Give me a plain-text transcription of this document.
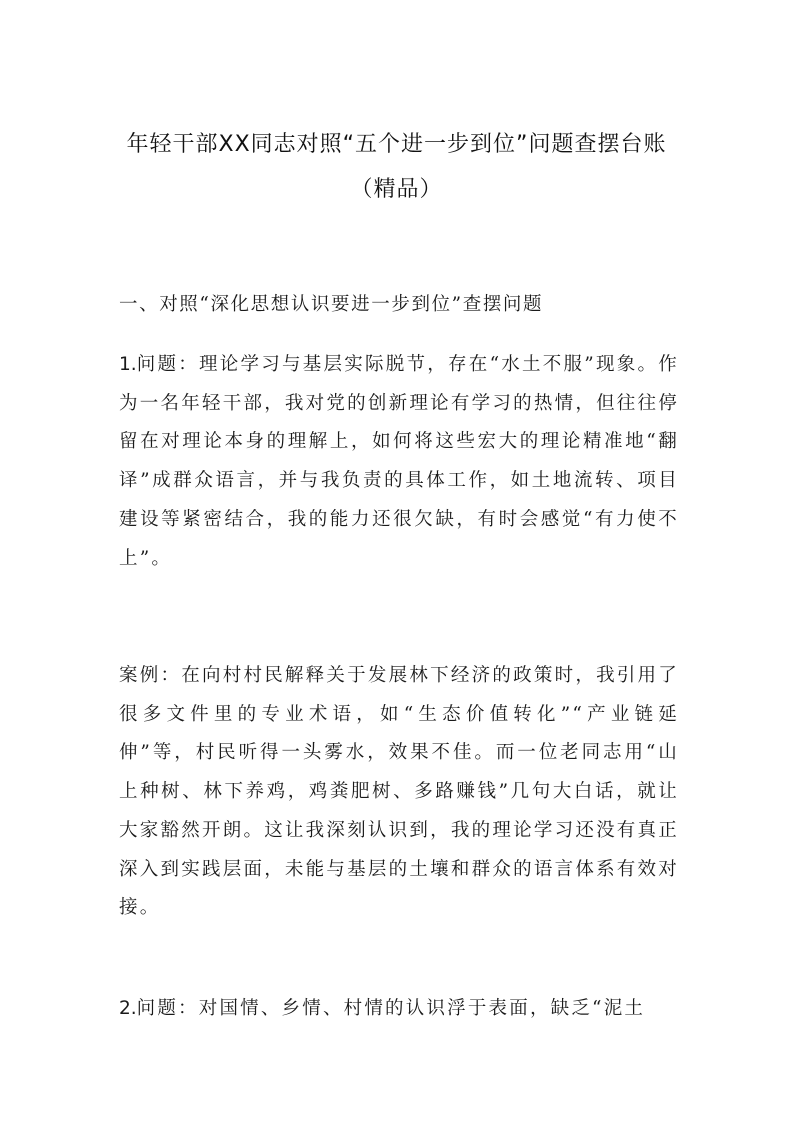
年轻干部XX同志对照“五个进一步到位”问题查摆台账（精品）

一、对照“深化思想认识要进一步到位”查摆问题

1.问题：理论学习与基层实际脱节，存在“水土不服”现象。作为一名年轻干部，我对党的创新理论有学习的热情，但往往停留在对理论本身的理解上，如何将这些宏大的理论精准地“翻译”成群众语言，并与我负责的具体工作，如土地流转、项目建设等紧密结合，我的能力还很欠缺，有时会感觉“有力使不上”。

案例：在向村村民解释关于发展林下经济的政策时，我引用了很多文件里的专业术语，如“生态价值转化”“产业链延伸”等，村民听得一头雾水，效果不佳。而一位老同志用“山上种树、林下养鸡，鸡粪肥树、多路赚钱”几句大白话，就让大家豁然开朗。这让我深刻认识到，我的理论学习还没有真正深入到实践层面，未能与基层的土壤和群众的语言体系有效对接。

2.问题：对国情、乡情、村情的认识浮于表面，缺乏“泥土
